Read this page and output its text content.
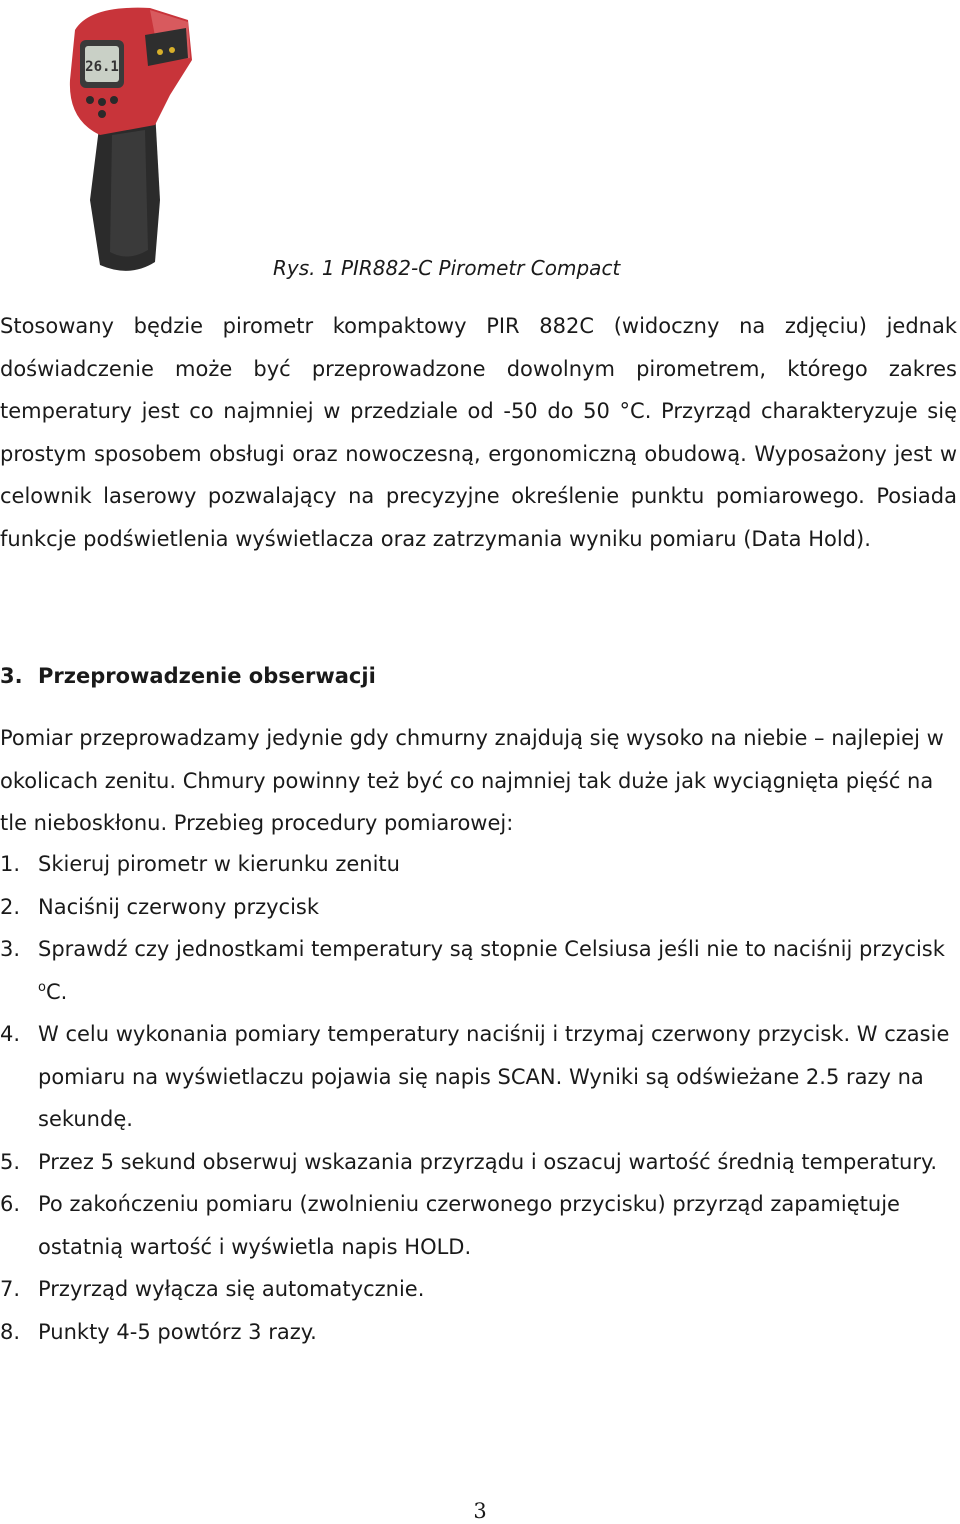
26.1
Rys. 1 PIR882-C Pirometr Compact

Stosowany będzie pirometr kompaktowy PIR 882C (widoczny na zdjęciu) jednak doświadczenie może być przeprowadzone dowolnym pirometrem, którego zakres temperatury jest co najmniej w przedziale od -50 do 50 °C. Przyrząd charakteryzuje się prostym sposobem obsługi oraz nowoczesną, ergonomiczną obudową. Wyposażony jest w celownik laserowy pozwalający na precyzyjne określenie punktu pomiarowego. Posiada funkcje podświetlenia wyświetlacza oraz zatrzymania wyniku pomiaru (Data Hold).

3. Przeprowadzenie obserwacji

Pomiar przeprowadzamy jedynie gdy chmurny znajdują się wysoko na niebie – najlepiej w okolicach zenitu. Chmury powinny też być co najmniej tak duże jak wyciągnięta pięść na tle nieboskłonu. Przebieg procedury pomiarowej:

1. Skieruj pirometr w kierunku zenitu
2. Naciśnij czerwony przycisk
3. Sprawdź czy jednostkami temperatury są stopnie Celsiusa jeśli nie to naciśnij przycisk $^o$C.
4. W celu wykonania pomiary temperatury naciśnij i trzymaj czerwony przycisk. W czasie pomiaru na wyświetlaczu pojawia się napis SCAN. Wyniki są odświeżane 2.5 razy na sekundę.
5. Przez 5 sekund obserwuj wskazania przyrządu i oszacuj wartość średnią temperatury.
6. Po zakończeniu pomiaru (zwolnieniu czerwonego przycisku) przyrząd zapamiętuje ostatnią wartość i wyświetla napis HOLD.
7. Przyrząd wyłącza się automatycznie.
8. Punkty 4-5 powtórz 3 razy.
3
